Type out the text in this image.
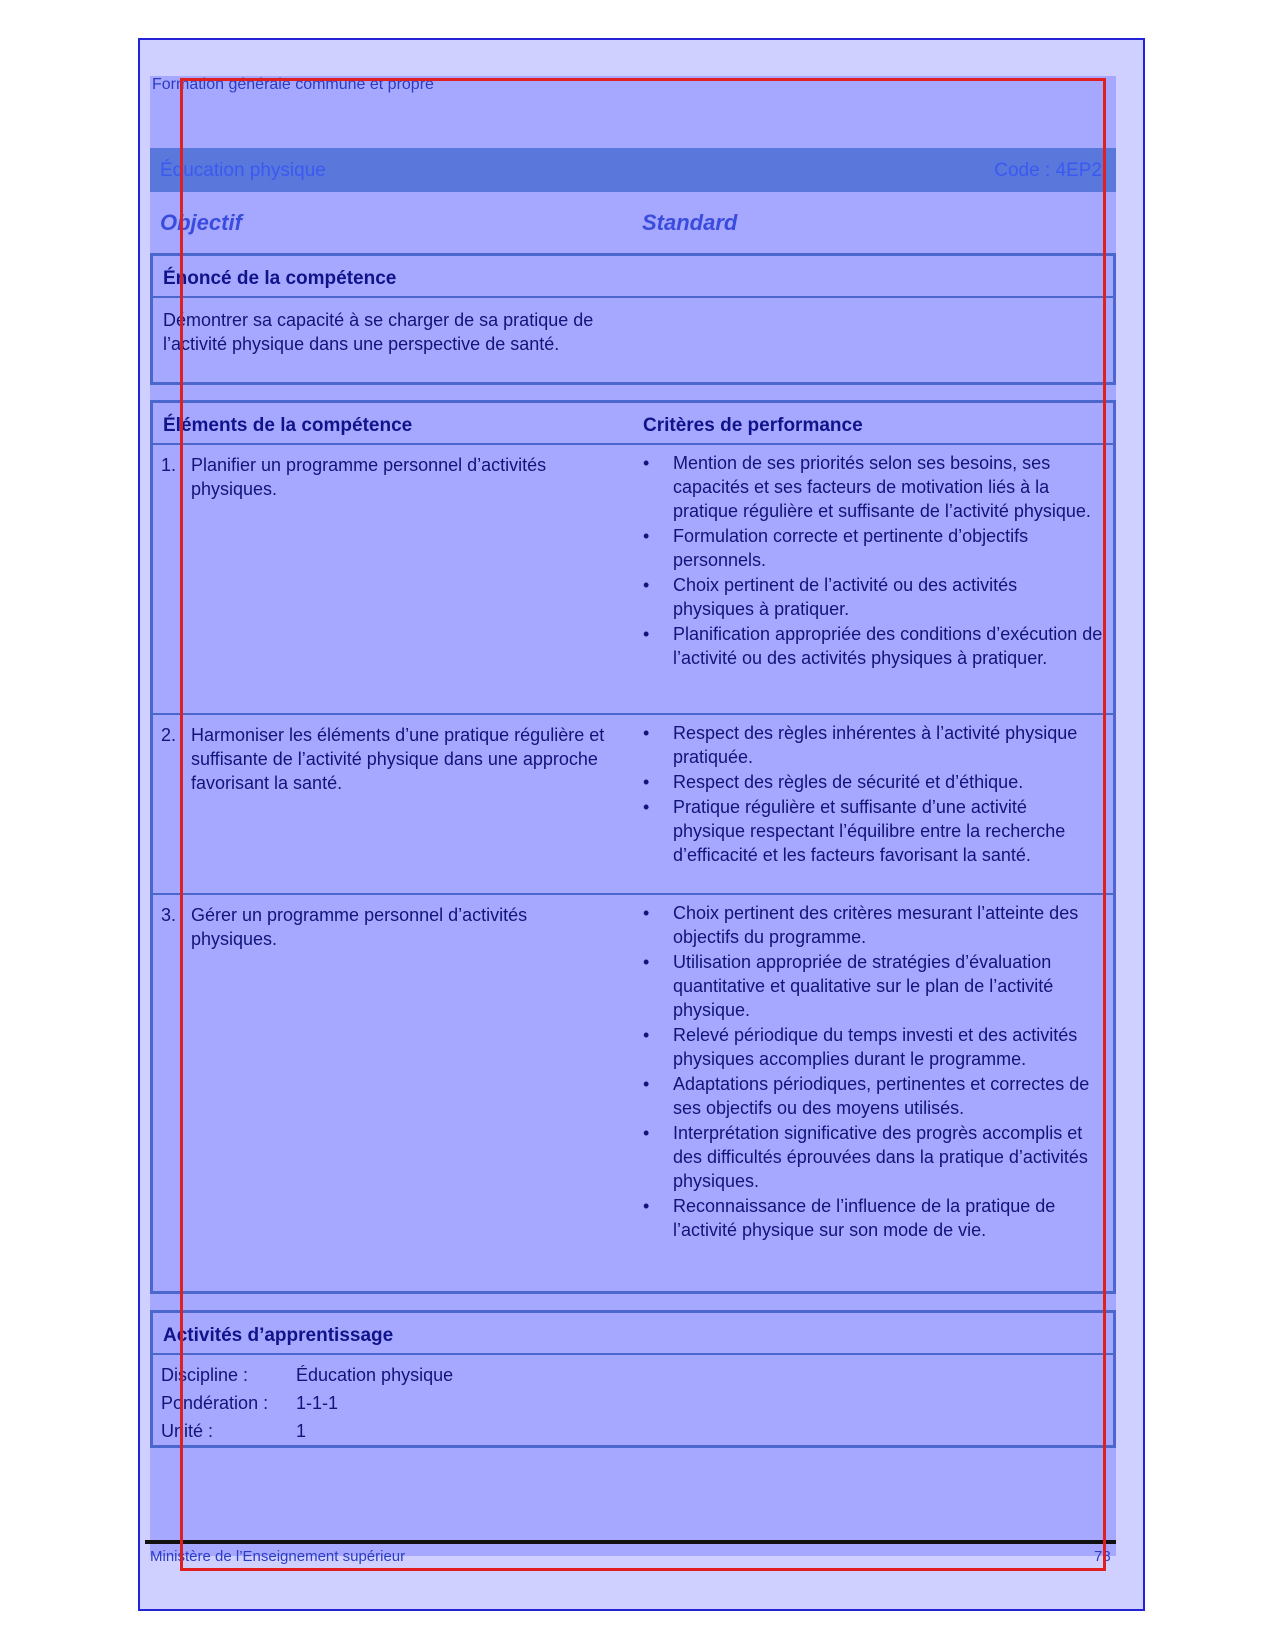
Formation générale commune et propre
Éducation physique	Code : 4EP2
Objectif	Standard
Énoncé de la compétence
Démontrer sa capacité à se charger de sa pratique de l’activité physique dans une perspective de santé.
Éléments de la compétence	Critères de performance
1. Planifier un programme personnel d’activités physiques.
• Mention de ses priorités selon ses besoins, ses capacités et ses facteurs de motivation liés à la pratique régulière et suffisante de l’activité physique.
• Formulation correcte et pertinente d’objectifs personnels.
• Choix pertinent de l’activité ou des activités physiques à pratiquer.
• Planification appropriée des conditions d’exécution de l’activité ou des activités physiques à pratiquer.
2. Harmoniser les éléments d’une pratique régulière et suffisante de l’activité physique dans une approche favorisant la santé.
• Respect des règles inhérentes à l’activité physique pratiquée.
• Respect des règles de sécurité et d’éthique.
• Pratique régulière et suffisante d’une activité physique respectant l’équilibre entre la recherche d’efficacité et les facteurs favorisant la santé.
3. Gérer un programme personnel d’activités physiques.
• Choix pertinent des critères mesurant l’atteinte des objectifs du programme.
• Utilisation appropriée de stratégies d’évaluation quantitative et qualitative sur le plan de l’activité physique.
• Relevé périodique du temps investi et des activités physiques accomplies durant le programme.
• Adaptations périodiques, pertinentes et correctes de ses objectifs ou des moyens utilisés.
• Interprétation significative des progrès accomplis et des difficultés éprouvées dans la pratique d’activités physiques.
• Reconnaissance de l’influence de la pratique de l’activité physique sur son mode de vie.
Activités d’apprentissage
Discipline :	Éducation physique
Pondération : 1-1-1
Unité :	1
Ministère de l’Enseignement supérieur	78
